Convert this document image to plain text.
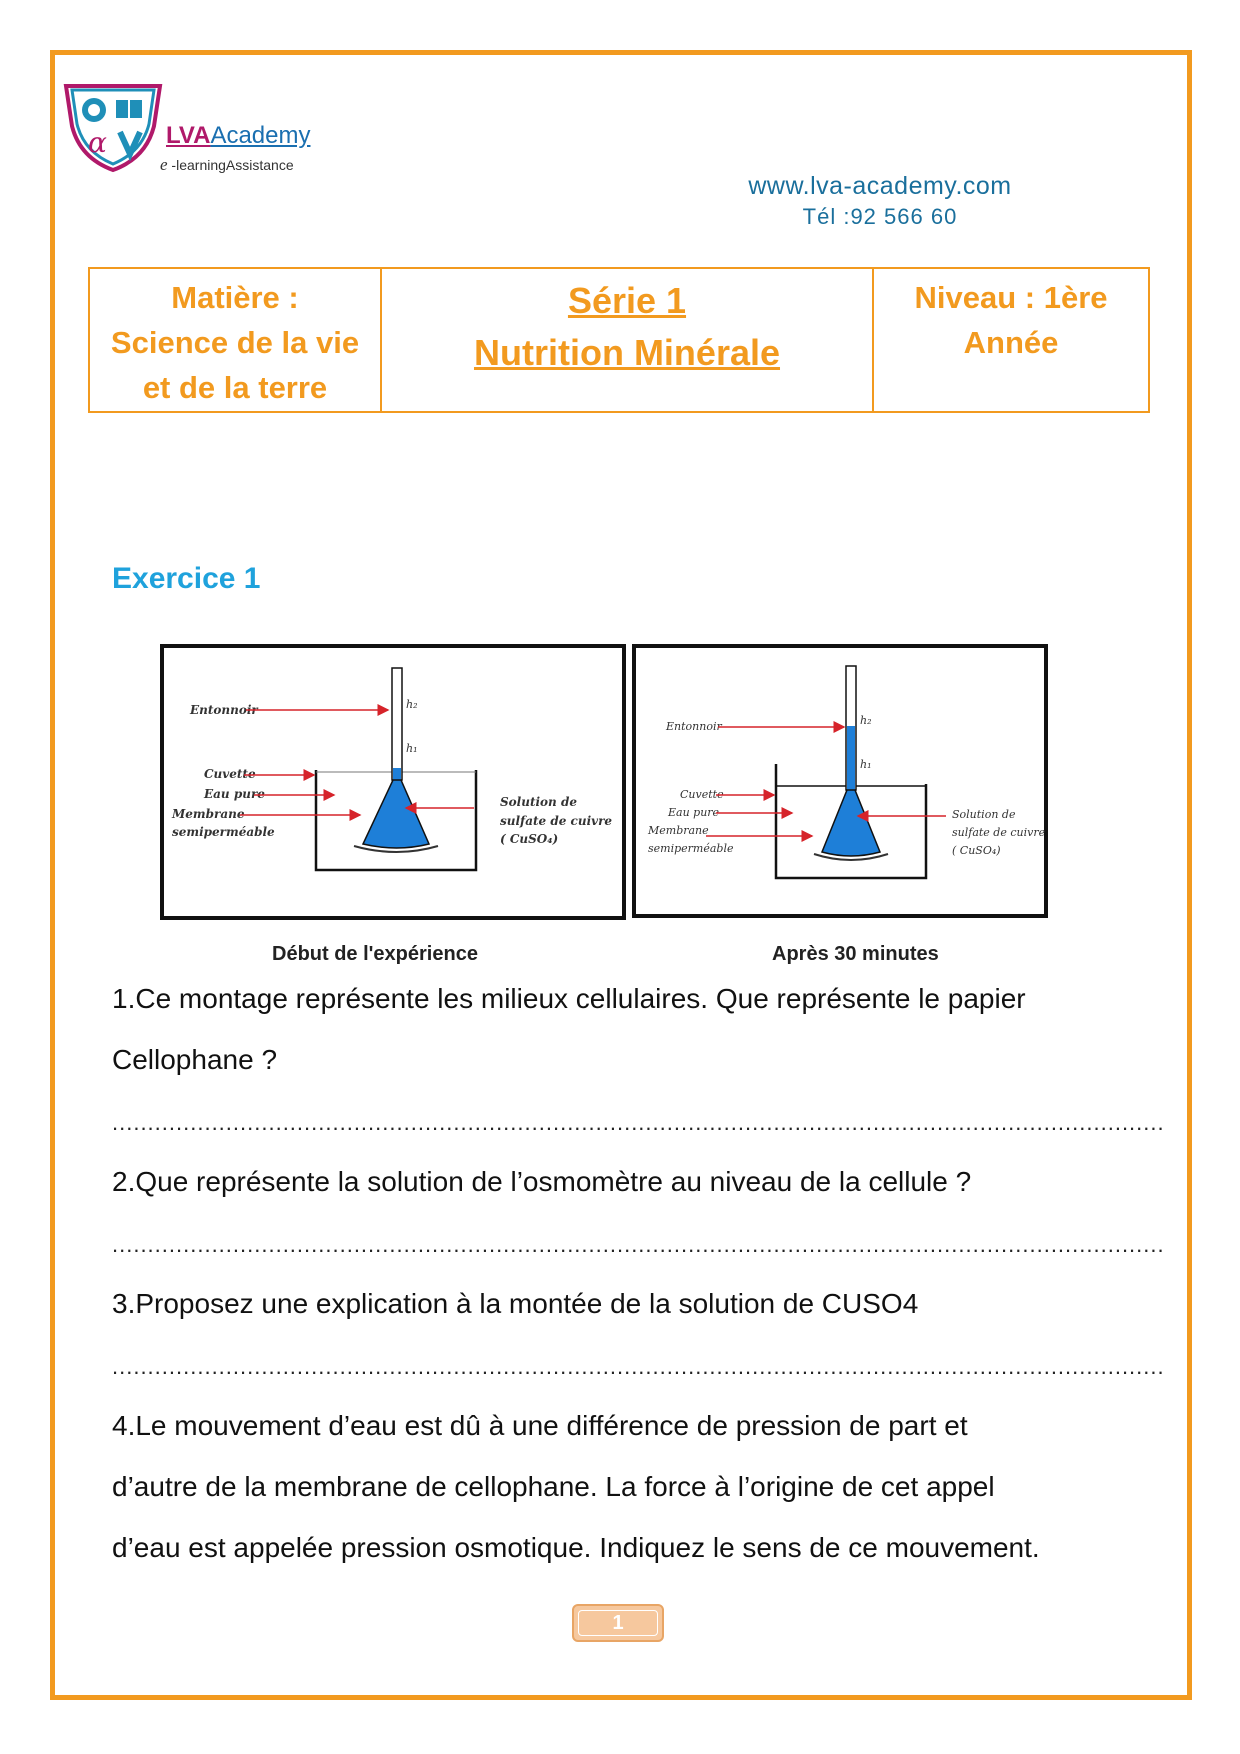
α LVAAcademy
e -learningAssistance
www.lva-academy.com
Tél :92 566 60
Matière :
Science de la vie
et de la terre

Série 1
Nutrition Minérale

Niveau : 1ère
Année
Exercice 1
Entonnoir	h₂
h₁
Cuvette
Eau pure
Membrane
semiperméable
Solution de
sulfate de cuivre
( CuSO₄)
Entonnoir	h₂
h₁
Cuvette
Eau pure
Membrane
semiperméable
Solution de
sulfate de cuivre
( CuSO₄)
Début de l'expérience	Après 30 minutes
1.Ce montage représente les milieux cellulaires. Que représente le papier
Cellophane ?
....................................................................................................................................................
2.Que représente la solution de l’osmomètre au niveau de la cellule ?
....................................................................................................................................................
3.Proposez une explication à la montée de la solution de CUSO4
....................................................................................................................................................
4.Le mouvement d’eau est dû à une différence de pression de part et
d’autre de la membrane de cellophane. La force à l’origine de cet appel
d’eau est appelée pression osmotique. Indiquez le sens de ce mouvement.
1
